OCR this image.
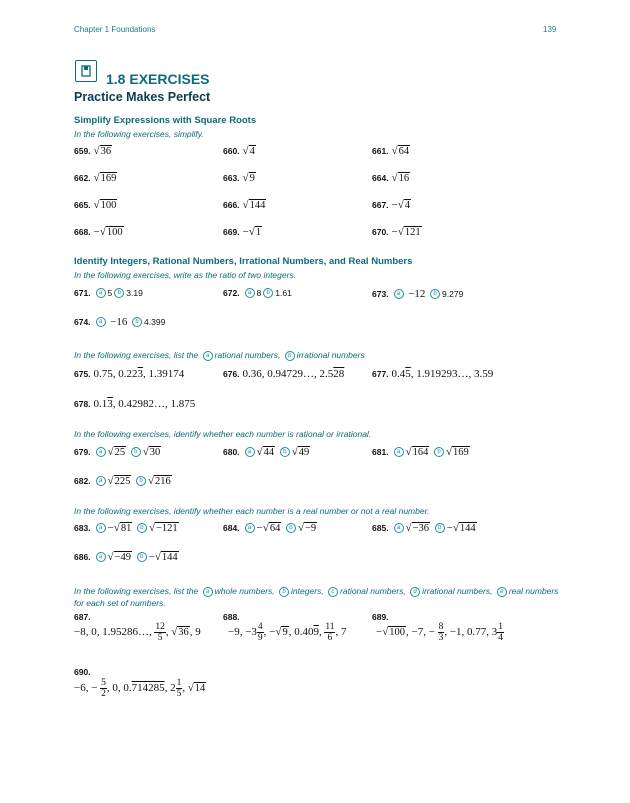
Chapter 1 Foundations	139
1.8 EXERCISES
Practice Makes Perfect
Simplify Expressions with Square Roots
In the following exercises, simplify.
659. √36	660. √4	661. √64
662. √169	663. √9	664. √16
665. √100	666. √144	667. −√4
668. −√100	669. −√1	670. −√121
Identify Integers, Rational Numbers, Irrational Numbers, and Real Numbers
In the following exercises, write as the ratio of two integers.
671. a 5 b 3.19	672. a 8 b 1.61	673. a −12 b 9.279
674. a −16 b 4.399
In the following exercises, list the a rational numbers, b irrational numbers
675. 0.75, 0.223, 1.39174	676. 0.36, 0.94729…, 2.528	677. 0.45, 1.919293…, 3.59
678. 0.13, 0.42982…, 1.875
In the following exercises, identify whether each number is rational or irrational.
679. a √25 b √30	680. a √44 b √49	681. a √164 b √169
682. a √225 b √216
In the following exercises, identify whether each number is a real number or not a real number.
683. a −√81 b √−121	684. a −√64 b √−9	685. a √−36 b −√144
686. a √−49 b −√144
In the following exercises, list the a whole numbers, b integers, c rational numbers, d irrational numbers, e real numbers for each set of numbers.
687.
−8, 0, 1.95286…, $\frac{12}{5}$ , √36, 9
688.
−9, $-3 \frac{4}{9}$ , −√9, 0.409, $\frac{11}{6}$ , 7
689.
−√100, −7, − $\frac{8}{3}$ , −1, 0.77, $3 \frac{1}{4}$
690.
−6, − $\frac{5}{2}$ , 0, 0.714285, $2 \frac{1}{5}$ , √14
